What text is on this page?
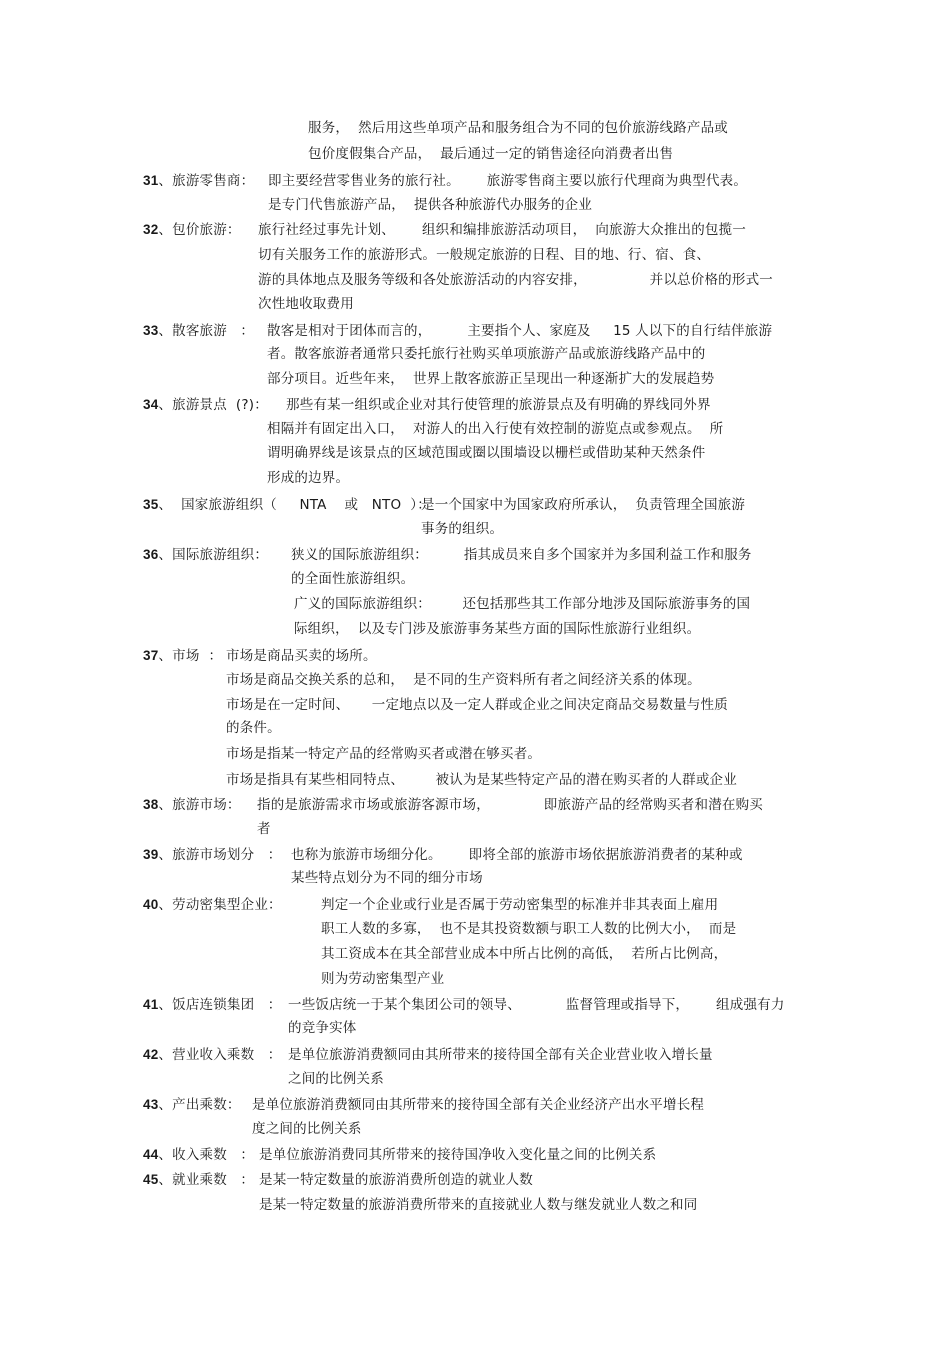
服务，  然后用这些单项产品和服务组合为不同的包价旅游线路产品或
包价度假集合产品，  最后通过一定的销售途径向消费者出售
31、旅游零售商： 即主要经营零售业务的旅行社。      旅游零售商主要以旅行代理商为典型代表。
是专门代售旅游产品，  提供各种旅游代办服务的企业
32、包价旅游： 旅行社经过事先计划、      组织和编排旅游活动项目，  向旅游大众推出的包揽一
切有关服务工作的旅游形式。一般规定旅游的日程、目的地、行、宿、食、
游的具体地点及服务等级和各处旅游活动的内容安排，              并以总价格的形式一
次性地收取费用
33、散客旅游   ： 散客是相对于团体而言的，        主要指个人、家庭及     15 人以下的自行结伴旅游
者。散客旅游者通常只委托旅行社购买单项旅游产品或旅游线路产品中的
部分项目。近些年来，  世界上散客旅游正呈现出一种逐渐扩大的发展趋势
34、旅游景点  (?)： 那些有某一组织或企业对其行使管理的旅游景点及有明确的界线同外界
相隔并有固定出入口，  对游人的出入行使有效控制的游览点或参观点。  所
谓明确界线是该景点的区域范围或圈以围墙设以栅栏或借助某种天然条件
形成的边界。
35、  国家旅游组织（     NTA    或   NTO  ）：
是一个国家中为国家政府所承认，  负责管理全国旅游
事务的组织。
36、国际旅游组织： 狭义的国际旅游组织：        指其成员来自多个国家并为多国利益工作和服务
的全面性旅游组织。
广义的国际旅游组织：       还包括那些其工作部分地涉及国际旅游事务的国
际组织，  以及专门涉及旅游事务某些方面的国际性旅游行业组织。
37、市场  ： 市场是商品买卖的场所。
市场是商品交换关系的总和，  是不同的生产资料所有者之间经济关系的体现。
市场是在一定时间、     一定地点以及一定人群或企业之间决定商品交易数量与性质
的条件。
市场是指某一特定产品的经常购买者或潜在够买者。
市场是指具有某些相同特点、       被认为是某些特定产品的潜在购买者的人群或企业
38、旅游市场： 指的是旅游需求市场或旅游客源市场，            即旅游产品的经常购买者和潜在购买
者
39、旅游市场划分   ： 也称为旅游市场细分化。      即将全部的旅游市场依据旅游消费者的某种或
某些特点划分为不同的细分市场
40、劳动密集型企业：	判定一个企业或行业是否属于劳动密集型的标准并非其表面上雇用
职工人数的多寡，  也不是其投资数额与职工人数的比例大小，  而是
其工资成本在其全部营业成本中所占比例的高低，  若所占比例高，
则为劳动密集型产业
41、饭店连锁集团   ： 一些饭店统一于某个集团公司的领导、          监督管理或指导下，      组成强有力
的竞争实体
42、营业收入乘数   ： 是单位旅游消费额同由其所带来的接待国全部有关企业营业收入增长量
之间的比例关系
43、产出乘数： 是单位旅游消费额同由其所带来的接待国全部有关企业经济产出水平增长程
度之间的比例关系
44、收入乘数   ： 是单位旅游消费同其所带来的接待国净收入变化量之间的比例关系
45、就业乘数   ： 是某一特定数量的旅游消费所创造的就业人数
是某一特定数量的旅游消费所带来的直接就业人数与继发就业人数之和同
